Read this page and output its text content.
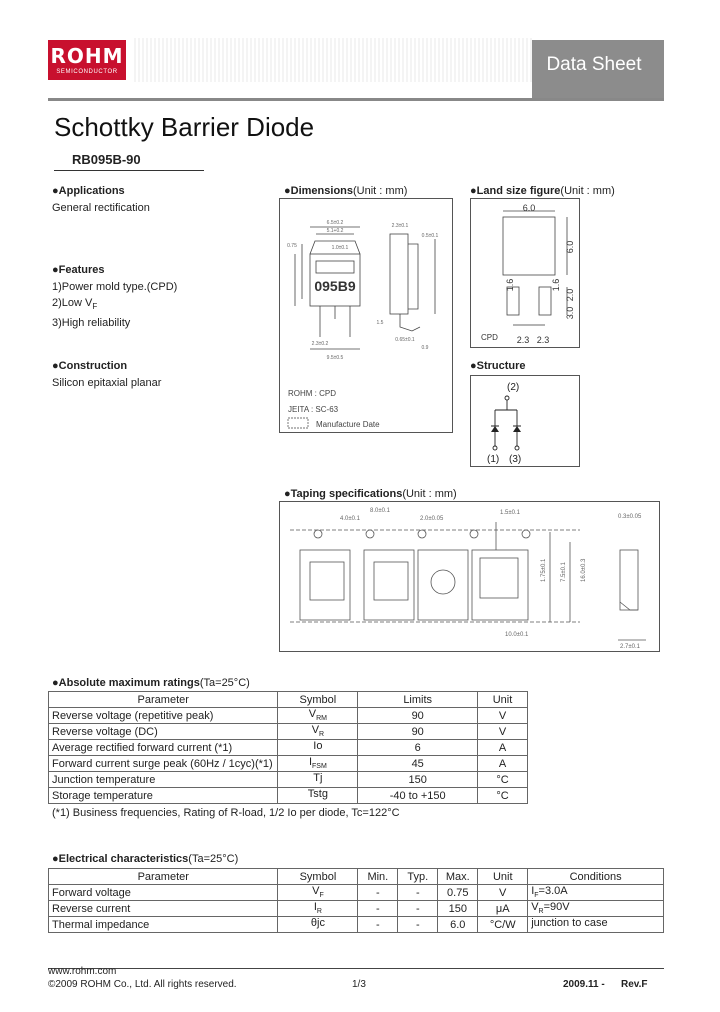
ROHM
SEMICONDUCTOR	Data Sheet
Schottky Barrier Diode
RB095B-90
●Applications
General rectification
●Features
1)Power mold type.(CPD)
2)Low $V_F$
3)High reliability
●Construction
Silicon epitaxial planar
●Dimensions(Unit : mm)
095B9
6.5±0.2
5.1+0.2
2.3±0.1
0.5±0.1
1.0±0.1
0.75
2.3±0.2
0.65±0.1
9.5±0.5
0.9
1.5
ROHM : CPD
JEITA : SC-63
Manufacture Date
●Land size figure(Unit : mm)
6.0
6.0
1.6	1.6
2.0
3.0
2.3 2.3
CPD
●Structure
(2)
(1) (3)
●Taping specifications(Unit : mm)
4.0±0.1
8.0±0.1
2.0±0.05
1.5±0.1
16.0±0.3
7.5±0.1
1.75±0.1
10.0±0.1
2.7±0.1
0.3±0.05
●Absolute maximum ratings(Ta=25°C)
Parameter	Symbol	Limits	Unit
Reverse voltage (repetitive peak)	$V_{RM}$	90	V
Reverse voltage (DC)	$V_R$	90	V
Average rectified forward current (*1)	Io	6	A
Forward current surge peak (60Hz / 1cyc)(*1)	$I_{FSM}$	45	A
Junction temperature	Tj	150	°C
Storage temperature	Tstg	-40 to +150	°C
(*1) Business frequencies, Rating of R-load, 1/2 Io per diode, Tc=122°C
●Electrical characteristics(Ta=25°C)
Parameter	Symbol	Min.	Typ.	Max.	Unit	Conditions
Forward voltage	$V_F$	-	-	0.75	V	$I_F=3.0A$
Reverse current	$I_R$	-	-	150	μA	$V_R=90V$
Thermal impedance	θjc	-	-	6.0	°C/W	junction to case
www.rohm.com
©2009 ROHM Co., Ltd. All rights reserved.	1/3	2009.11 - Rev.F
